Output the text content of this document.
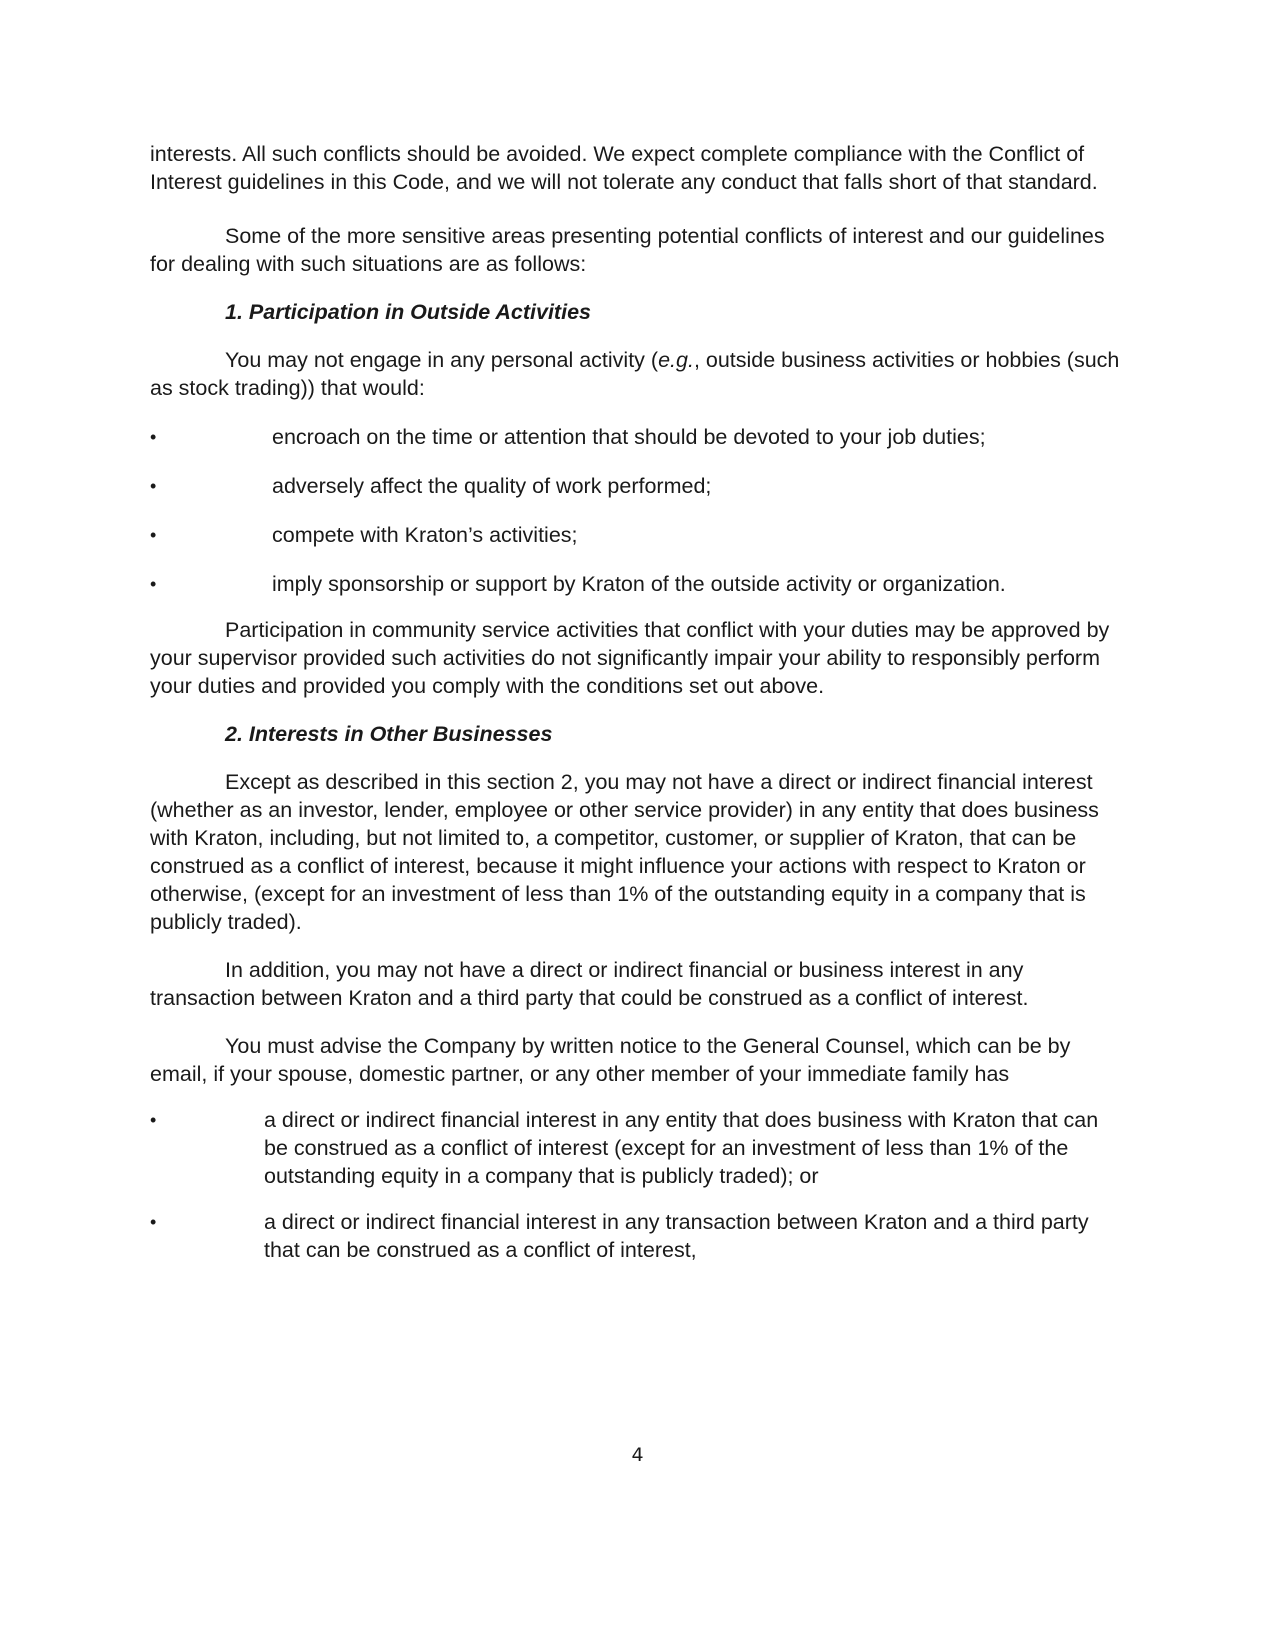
interests. All such conflicts should be avoided. We expect complete compliance with the Conflict of Interest guidelines in this Code, and we will not tolerate any conduct that falls short of that standard.

Some of the more sensitive areas presenting potential conflicts of interest and our guidelines for dealing with such situations are as follows:

1. Participation in Outside Activities

You may not engage in any personal activity (e.g., outside business activities or hobbies (such as stock trading)) that would:

•	encroach on the time or attention that should be devoted to your job duties;
•	adversely affect the quality of work performed;
•	compete with Kraton’s activities;
•	imply sponsorship or support by Kraton of the outside activity or organization.

Participation in community service activities that conflict with your duties may be approved by your supervisor provided such activities do not significantly impair your ability to responsibly perform your duties and provided you comply with the conditions set out above.

2. Interests in Other Businesses

Except as described in this section 2, you may not have a direct or indirect financial interest (whether as an investor, lender, employee or other service provider) in any entity that does business with Kraton, including, but not limited to, a competitor, customer, or supplier of Kraton, that can be construed as a conflict of interest, because it might influence your actions with respect to Kraton or otherwise, (except for an investment of less than 1% of the outstanding equity in a company that is publicly traded).

In addition, you may not have a direct or indirect financial or business interest in any transaction between Kraton and a third party that could be construed as a conflict of interest.

You must advise the Company by written notice to the General Counsel, which can be by email, if your spouse, domestic partner, or any other member of your immediate family has

•	a direct or indirect financial interest in any entity that does business with Kraton that can be construed as a conflict of interest (except for an investment of less than 1% of the outstanding equity in a company that is publicly traded); or
•	a direct or indirect financial interest in any transaction between Kraton and a third party that can be construed as a conflict of interest,
4
